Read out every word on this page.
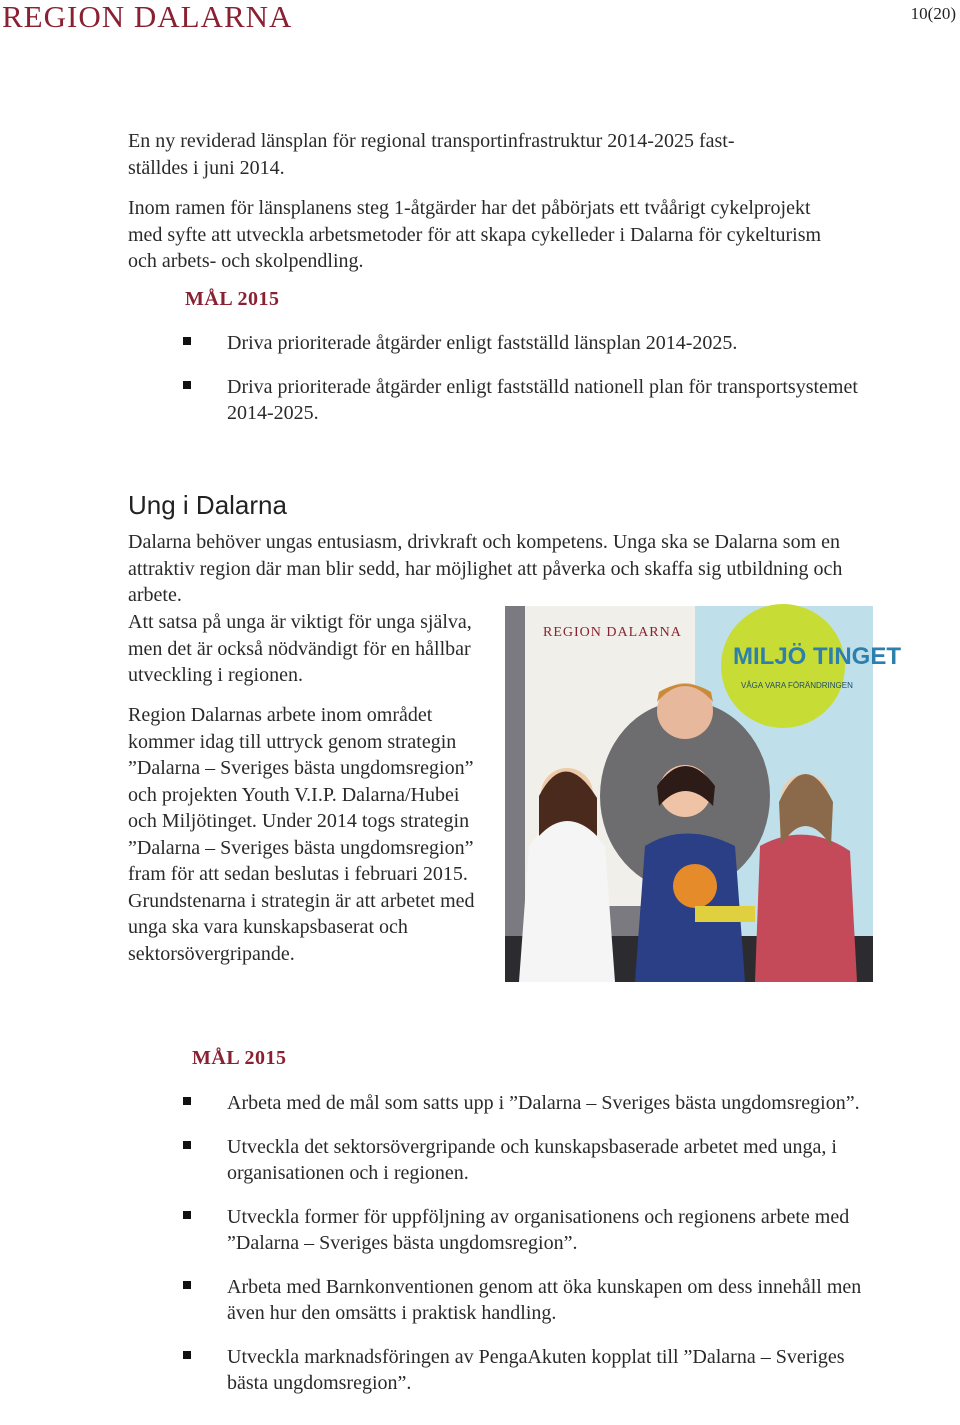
REGION DALARNA	10(20)
En ny reviderad länsplan för regional transportinfrastruktur 2014-2025 fast-
ställdes i juni 2014.

Inom ramen för länsplanens steg 1-åtgärder har det påbörjats ett tvåårigt cykelprojekt med syfte att utveckla arbetsmetoder för att skapa cykelleder i Dalarna för cykelturism och arbets- och skolpendling.

MÅL 2015
Driva prioriterade åtgärder enligt fastställd länsplan 2014-2025.
Driva prioriterade åtgärder enligt fastställd nationell plan för transportsystemet 2014-2025.
Ung i Dalarna

Dalarna behöver ungas entusiasm, drivkraft och kompetens. Unga ska se Dalarna som en attraktiv region där man blir sedd, har möjlighet att påverka och skaffa sig utbildning och arbete.

Att satsa på unga är viktigt för unga själva, men det är också nödvändigt för en hållbar utveckling i regionen.

Region Dalarnas arbete inom området kommer idag till uttryck genom strategin ”Dalarna – Sveriges bästa ungdomsregion” och projekten Youth V.I.P. Dalarna/Hubei och Miljötinget. Under 2014 togs strategin ”Dalarna – Sveriges bästa ungdomsregion” fram för att sedan beslutas i februari 2015. Grundstenarna i strategin är att arbetet med unga ska vara kunskapsbaserat och sektorsövergripande.

REGION DALARNA
MILJÖ TINGET
VÅGA VARA FÖRÄNDRINGEN
MÅL 2015
Arbeta med de mål som satts upp i ”Dalarna – Sveriges bästa ungdomsregion”.
Utveckla det sektorsövergripande och kunskapsbaserade arbetet med unga, i organisationen och i regionen.
Utveckla former för uppföljning av organisationens och regionens arbete med ”Dalarna – Sveriges bästa ungdomsregion”.
Arbeta med Barnkonventionen genom att öka kunskapen om dess innehåll men även hur den omsätts i praktisk handling.
Utveckla marknadsföringen av PengaAkuten kopplat till ”Dalarna – Sveriges bästa ungdomsregion”.
